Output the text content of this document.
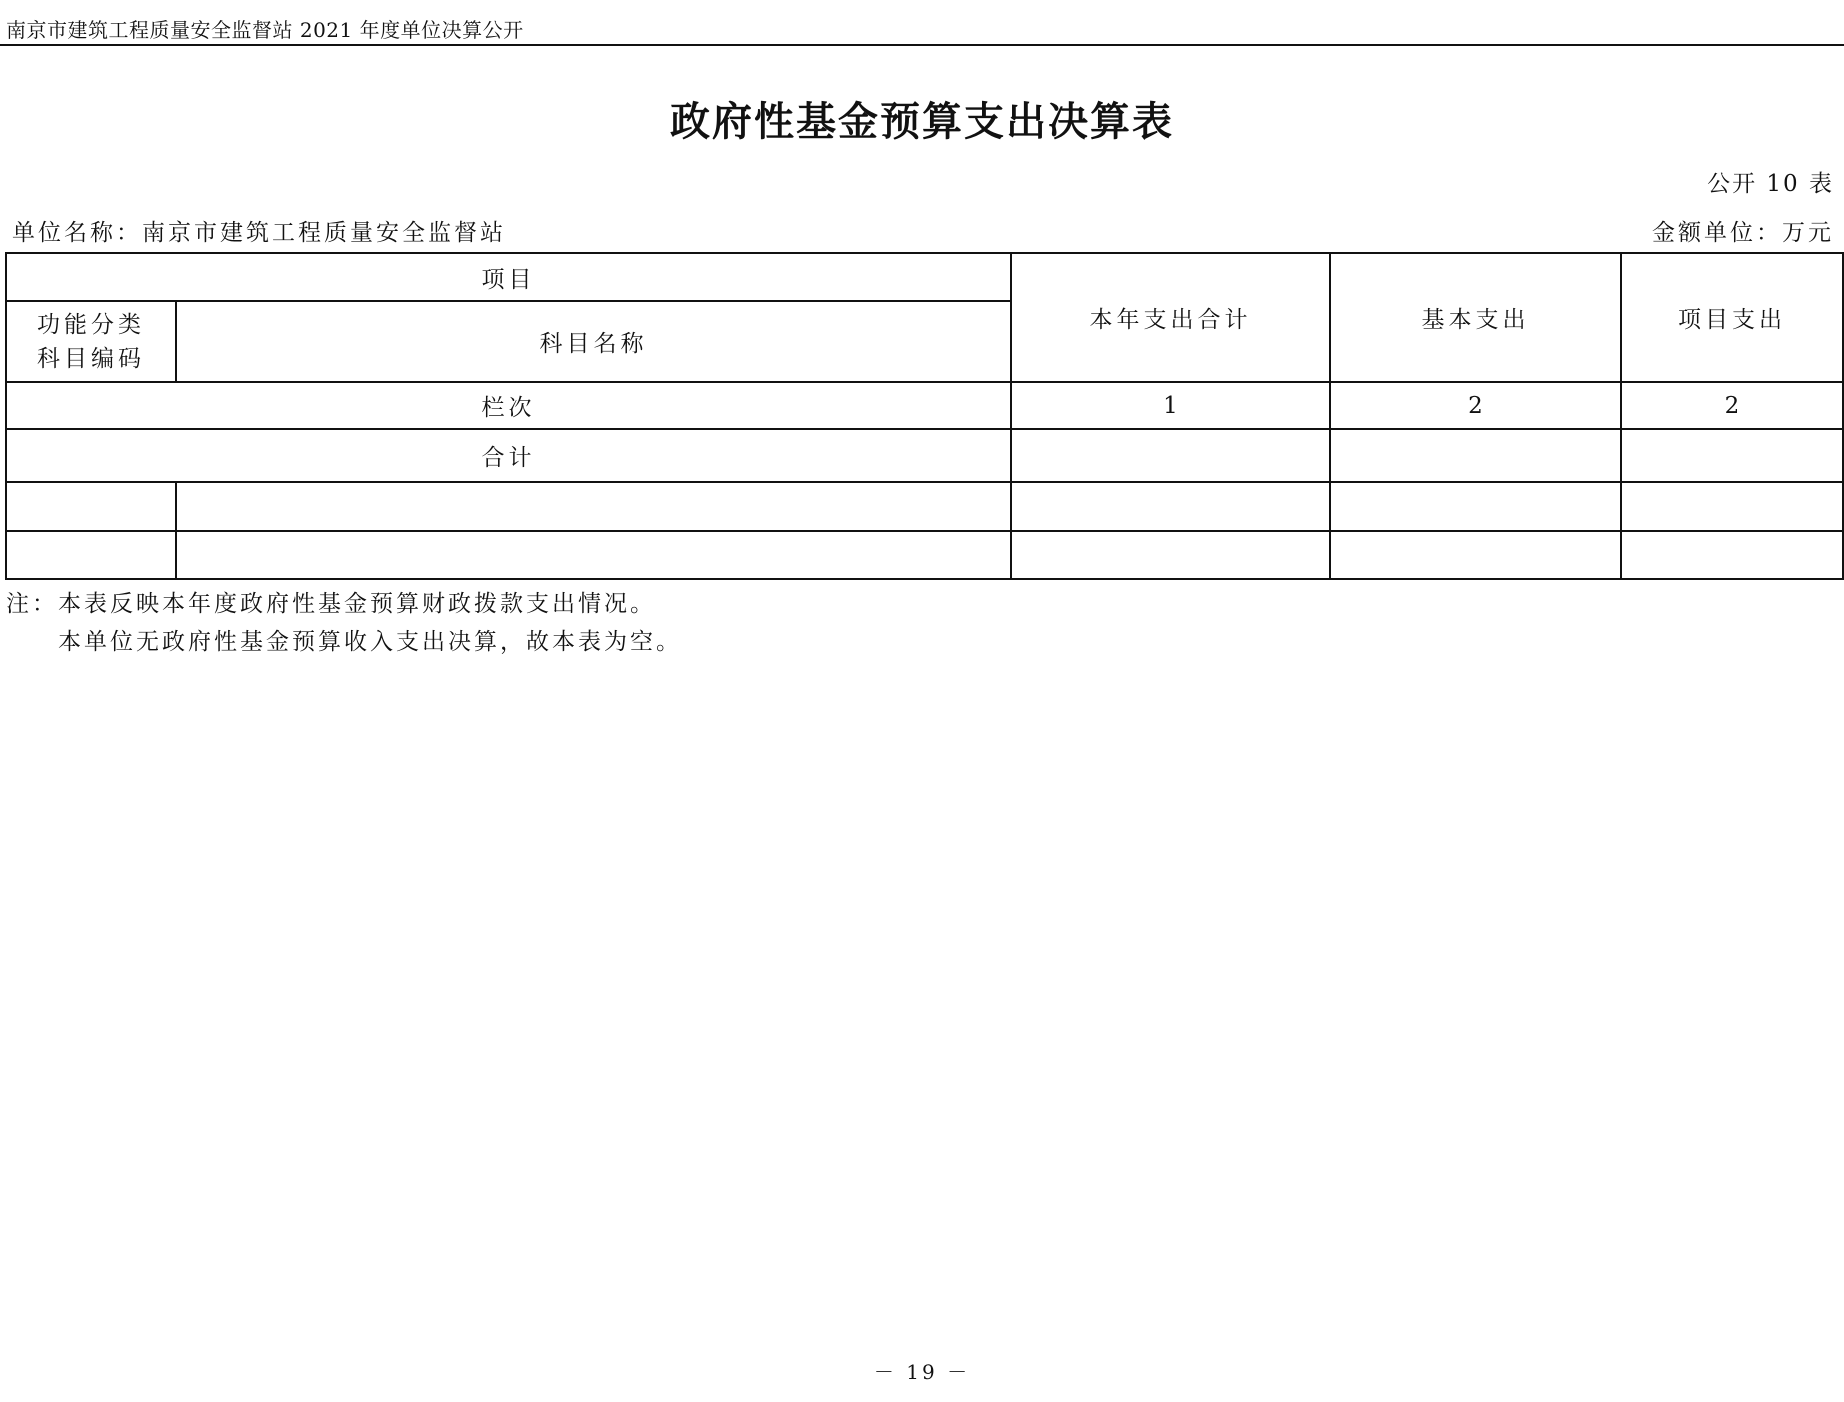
南京市建筑工程质量安全监督站 2021 年度单位决算公开
政府性基金预算支出决算表
公开 10 表
单位名称：南京市建筑工程质量安全监督站	金额单位：万元
项目		本年支出合计	基本支出	项目支出

功能分类
科目编码	科目名称			
栏次		1	2	2
合计				

注：本表反映本年度政府性基金预算财政拨款支出情况。
本单位无政府性基金预算收入支出决算，故本表为空。
－ 19 －
